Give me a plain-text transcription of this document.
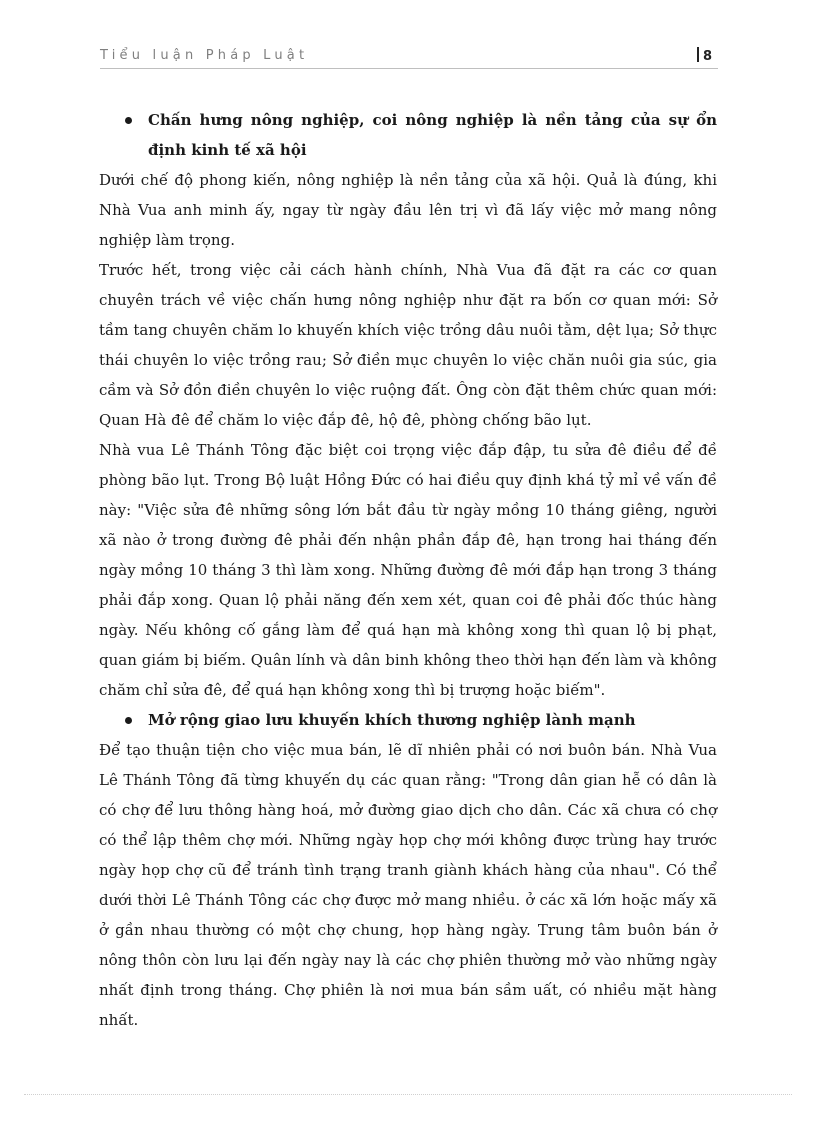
Tiểu luận Pháp Luật	8
Chấn hưng nông nghiệp, coi nông nghiệp là nền tảng của sự ổn định kinh tế xã hội

Dưới chế độ phong kiến, nông nghiệp là nền tảng của xã hội. Quả là đúng, khi Nhà Vua anh minh ấy, ngay từ ngày đầu lên trị vì đã lấy việc mở mang nông nghiệp làm trọng.

Trước hết, trong việc cải cách hành chính, Nhà Vua đã đặt ra các cơ quan chuyên trách về việc chấn hưng nông nghiệp như đặt ra bốn cơ quan mới: Sở tầm tang chuyên chăm lo khuyến khích việc trồng dâu nuôi tằm, dệt lụa; Sở thực thái chuyên lo việc trồng rau; Sở điền mục chuyên lo việc chăn nuôi gia súc, gia cầm và Sở đồn điền chuyên lo việc ruộng đất. Ông còn đặt thêm chức quan mới: Quan Hà đê để chăm lo việc đắp đê, hộ đê, phòng chống bão lụt.

Nhà vua Lê Thánh Tông đặc biệt coi trọng việc đắp đập, tu sửa đê điều để đề phòng bão lụt. Trong Bộ luật Hồng Đức có hai điều quy định khá tỷ mỉ về vấn đề này: "Việc sửa đê những sông lớn bắt đầu từ ngày mồng 10 tháng giêng, người xã nào ở trong đường đê phải đến nhận phần đắp đê, hạn trong hai tháng đến ngày mồng 10 tháng 3 thì làm xong. Những đường đê mới đắp hạn trong 3 tháng phải đắp xong. Quan lộ phải năng đến xem xét, quan coi đê phải đốc thúc hàng ngày. Nếu không cố gắng làm để quá hạn mà không xong thì quan lộ bị phạt, quan giám bị biếm. Quân lính và dân binh không theo thời hạn đến làm và không chăm chỉ sửa đê, để quá hạn không xong thì bị trượng hoặc biếm".

Mở rộng giao lưu khuyến khích thương nghiệp lành mạnh

Để tạo thuận tiện cho việc mua bán, lẽ dĩ nhiên phải có nơi buôn bán. Nhà Vua Lê Thánh Tông đã từng khuyến dụ các quan rằng: "Trong dân gian hễ có dân là có chợ để lưu thông hàng hoá, mở đường giao dịch cho dân. Các xã chưa có chợ có thể lập thêm chợ mới. Những ngày họp chợ mới không được trùng hay trước ngày họp chợ cũ để tránh tình trạng tranh giành khách hàng của nhau". Có thể dưới thời Lê Thánh Tông các chợ được mở mang nhiều. ở các xã lớn hoặc mấy xã ở gần nhau thường có một chợ chung, họp hàng ngày. Trung tâm buôn bán ở nông thôn còn lưu lại đến ngày nay là các chợ phiên thường mở vào những ngày nhất định trong tháng. Chợ phiên là nơi mua bán sầm uất, có nhiều mặt hàng nhất.
